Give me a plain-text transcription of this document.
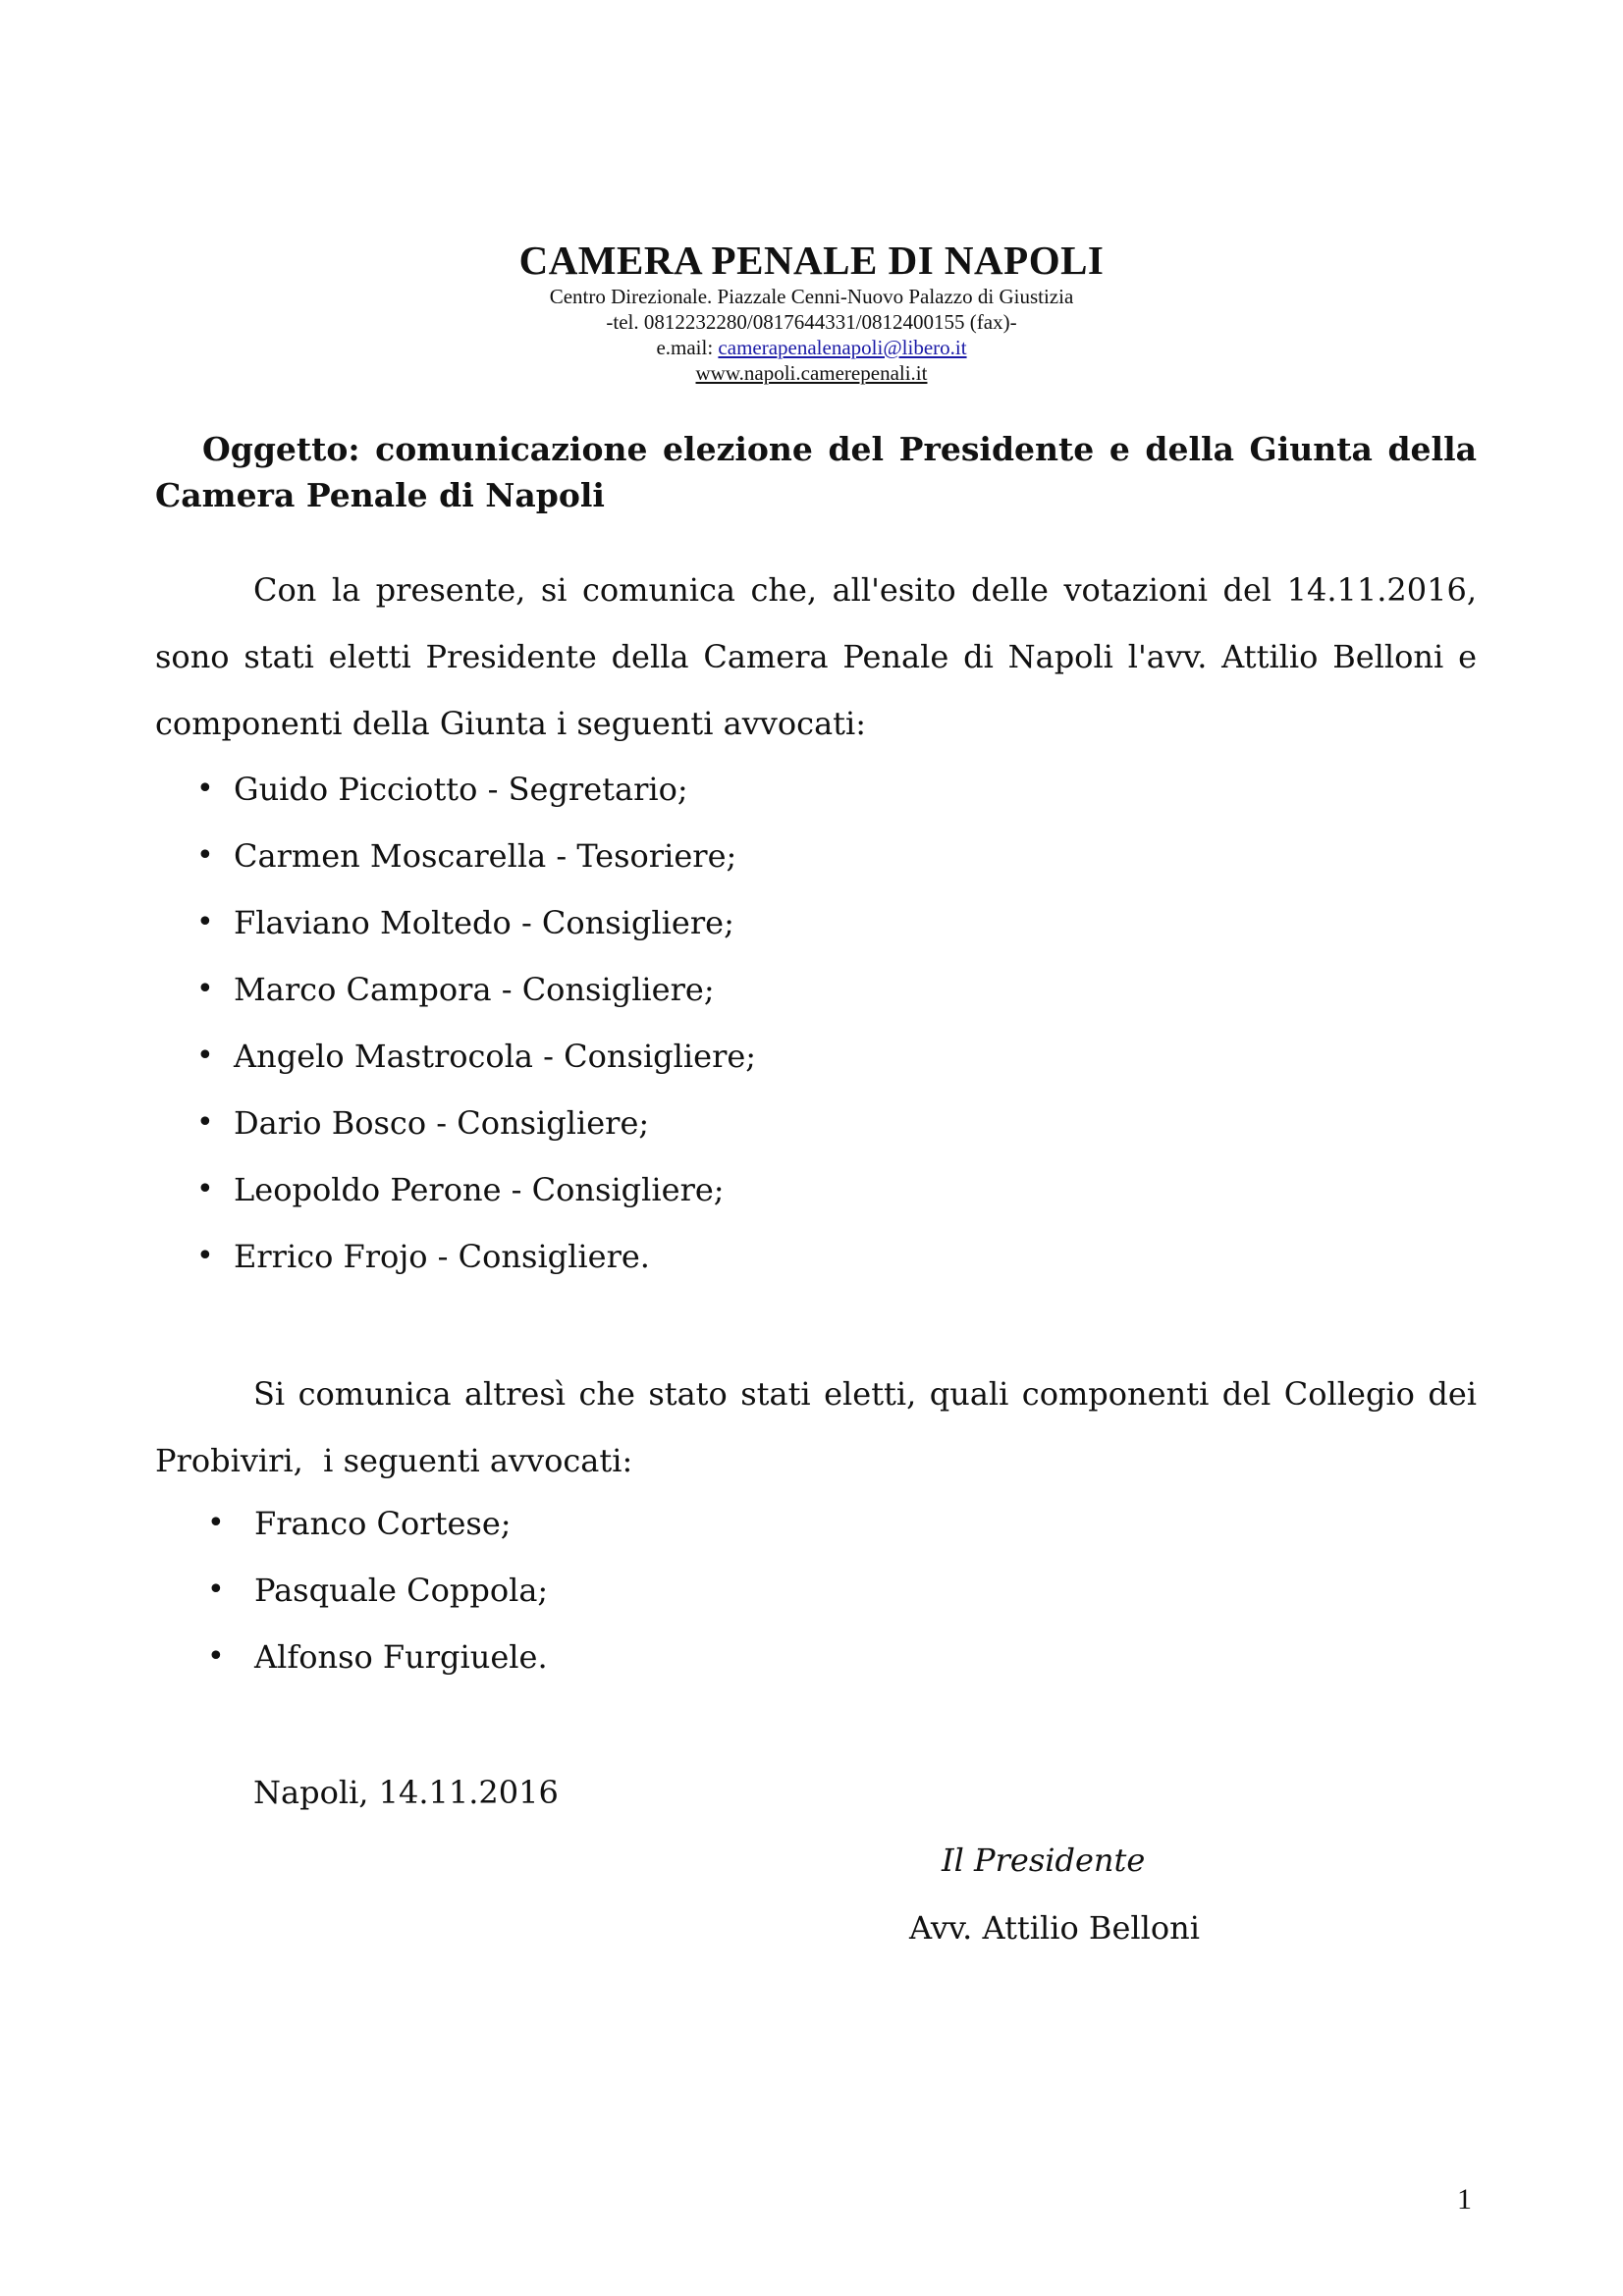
CAMERA PENALE DI NAPOLI
Centro Direzionale. Piazzale Cenni-Nuovo Palazzo di Giustizia
-tel. 0812232280/0817644331/0812400155 (fax)-
e.mail: camerapenalenapoli@libero.it
www.napoli.camerepenali.it
Oggetto: comunicazione elezione del Presidente e della Giunta della
Camera Penale di Napoli
Con la presente, si comunica che, all'esito delle votazioni del 14.11.2016,
sono stati eletti Presidente della Camera Penale di Napoli l'avv. Attilio Belloni e
componenti della Giunta i seguenti avvocati:
• Guido Picciotto - Segretario;
• Carmen Moscarella - Tesoriere;
• Flaviano Moltedo - Consigliere;
• Marco Campora - Consigliere;
• Angelo Mastrocola - Consigliere;
• Dario Bosco - Consigliere;
• Leopoldo Perone - Consigliere;
• Errico Frojo - Consigliere.
Si comunica altresì che stato stati eletti, quali componenti del Collegio dei
Probiviri,  i seguenti avvocati:
• Franco Cortese;
• Pasquale Coppola;
• Alfonso Furgiuele.
Napoli, 14.11.2016
Il Presidente
Avv. Attilio Belloni
1
